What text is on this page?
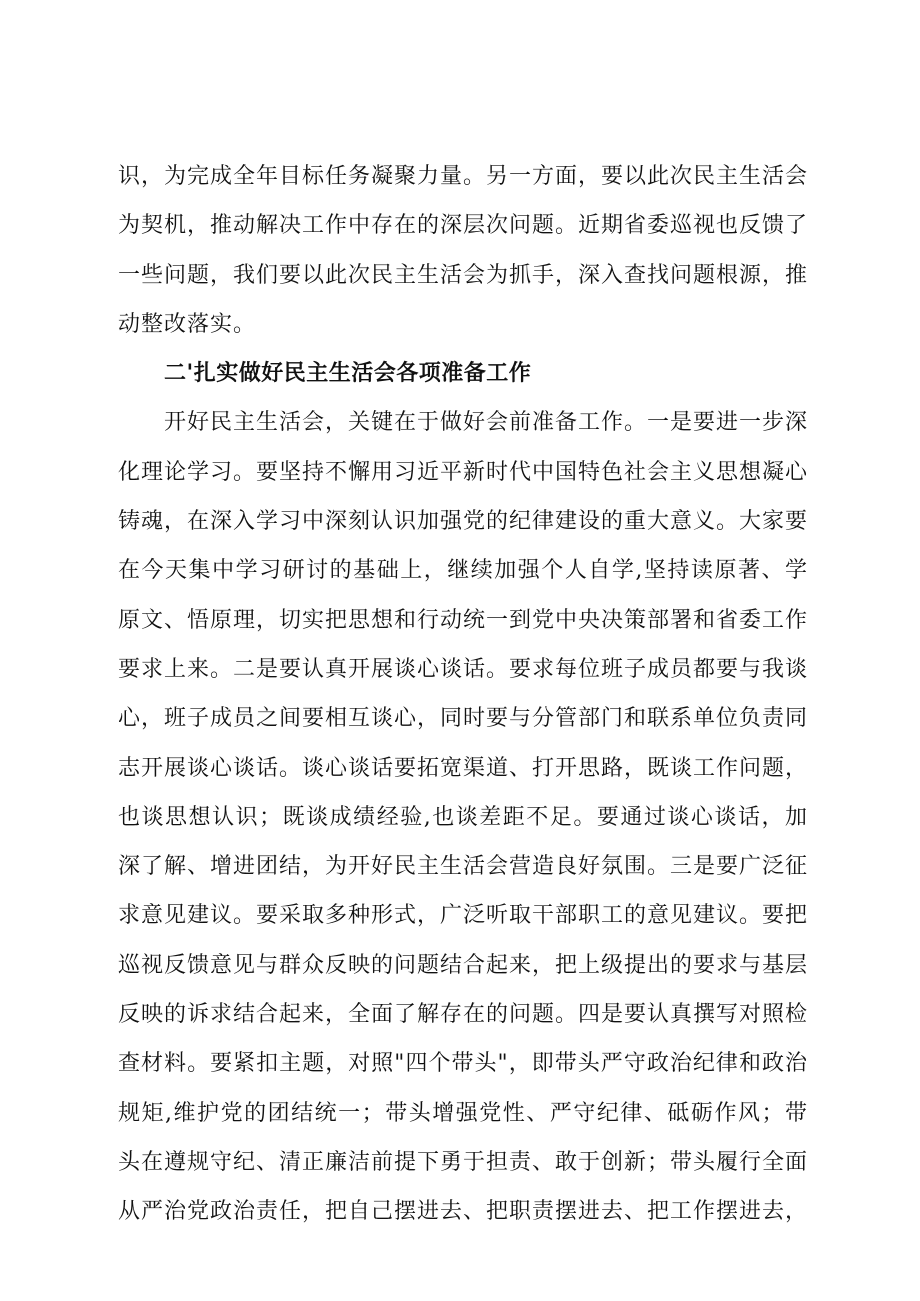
识，为完成全年目标任务凝聚力量。另一方面，要以此次民主生活会为契机，推动解决工作中存在的深层次问题。近期省委巡视也反馈了一些问题，我们要以此次民主生活会为抓手，深入查找问题根源，推动整改落实。

二'扎实做好民主生活会各项准备工作

开好民主生活会，关键在于做好会前准备工作。一是要进一步深化理论学习。要坚持不懈用习近平新时代中国特色社会主义思想凝心铸魂，在深入学习中深刻认识加强党的纪律建设的重大意义。大家要在今天集中学习研讨的基础上，继续加强个人自学,坚持读原著、学原文、悟原理，切实把思想和行动统一到党中央决策部署和省委工作要求上来。二是要认真开展谈心谈话。要求每位班子成员都要与我谈心，班子成员之间要相互谈心，同时要与分管部门和联系单位负责同志开展谈心谈话。谈心谈话要拓宽渠道、打开思路，既谈工作问题，也谈思想认识；既谈成绩经验,也谈差距不足。要通过谈心谈话，加深了解、增进团结，为开好民主生活会营造良好氛围。三是要广泛征求意见建议。要采取多种形式，广泛听取干部职工的意见建议。要把巡视反馈意见与群众反映的问题结合起来，把上级提出的要求与基层反映的诉求结合起来，全面了解存在的问题。四是要认真撰写对照检查材料。要紧扣主题，对照"四个带头"，即带头严守政治纪律和政治规矩,维护党的团结统一；带头增强党性、严守纪律、砥砺作风；带头在遵规守纪、清正廉洁前提下勇于担责、敢于创新；带头履行全面从严治党政治责任，把自己摆进去、把职责摆进去、把工作摆进去，
